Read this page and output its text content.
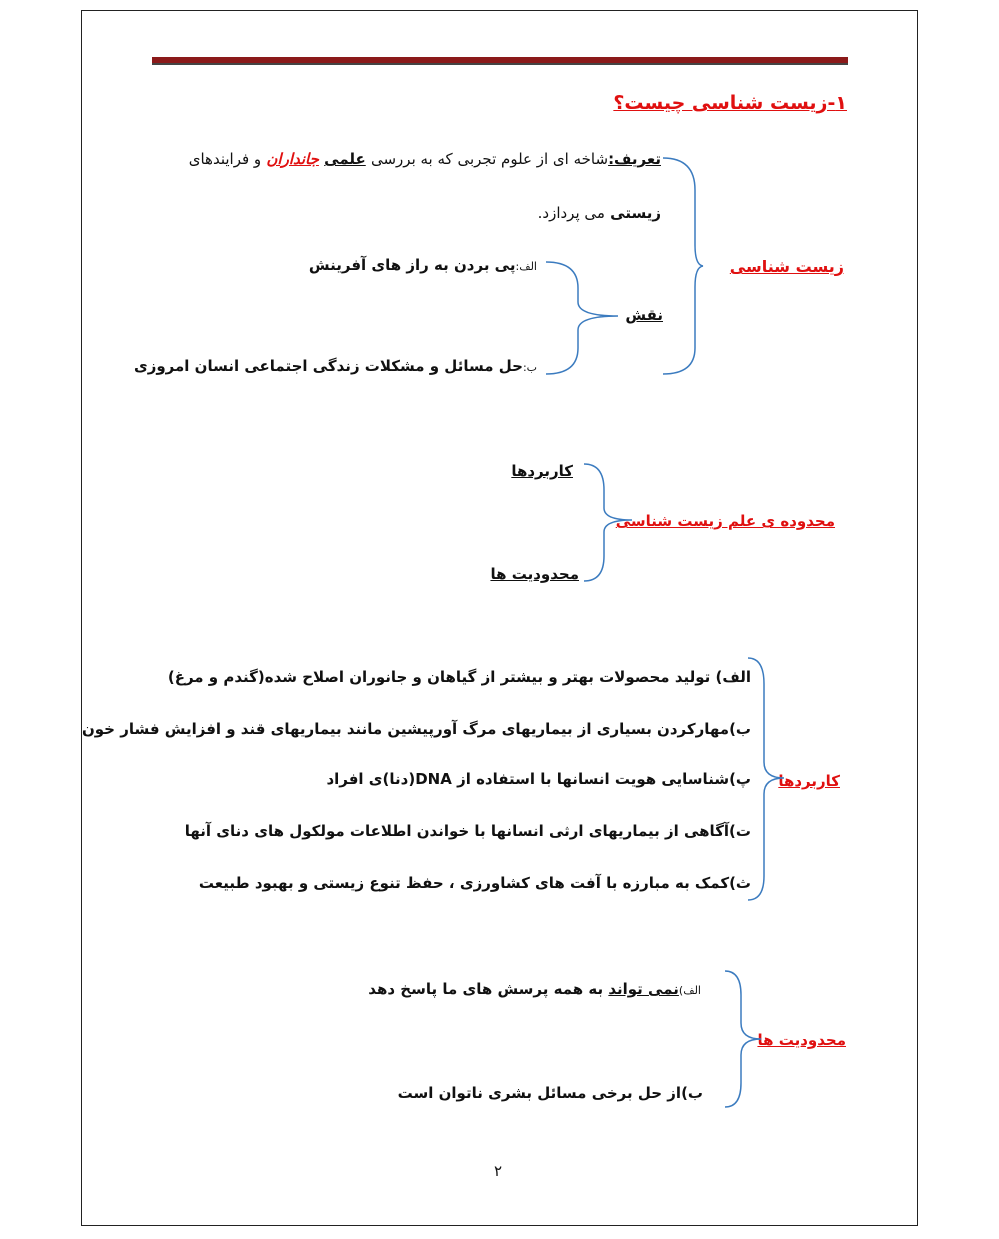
۱-زیست شناسی چیست؟
زیست شناسی
تعریف:شاخه ای از علوم تجربی که به بررسی علمی جانداران و فرایندهای
زیستی می پردازد.
نقش
الف:پی بردن به راز های آفرینش
ب:حل مسائل و مشکلات زندگی اجتماعی انسان امروزی
محدوده ی علم زیست شناسی
کاربردها
محدودیت ها
کاربردها
الف) تولید محصولات بهتر و بیشتر از گیاهان و جانوران اصلاح شده(گندم و مرغ)
ب)مهارکردن بسیاری از بیماریهای مرگ آورپیشین مانند بیماریهای قند و افزایش فشار خون
پ)شناسایی هویت انسانها با استفاده از DNA(دنا)ی افراد
ت)آگاهی از بیماریهای ارثی انسانها با خواندن اطلاعات مولکول های دنای آنها
ث)کمک به مبارزه با آفت های کشاورزی ، حفظ تنوع زیستی و بهبود طبیعت
محدودیت ها
الف)نمی تواند به همه پرسش های ما پاسخ دهد
ب)از حل برخی مسائل بشری ناتوان است
۲
